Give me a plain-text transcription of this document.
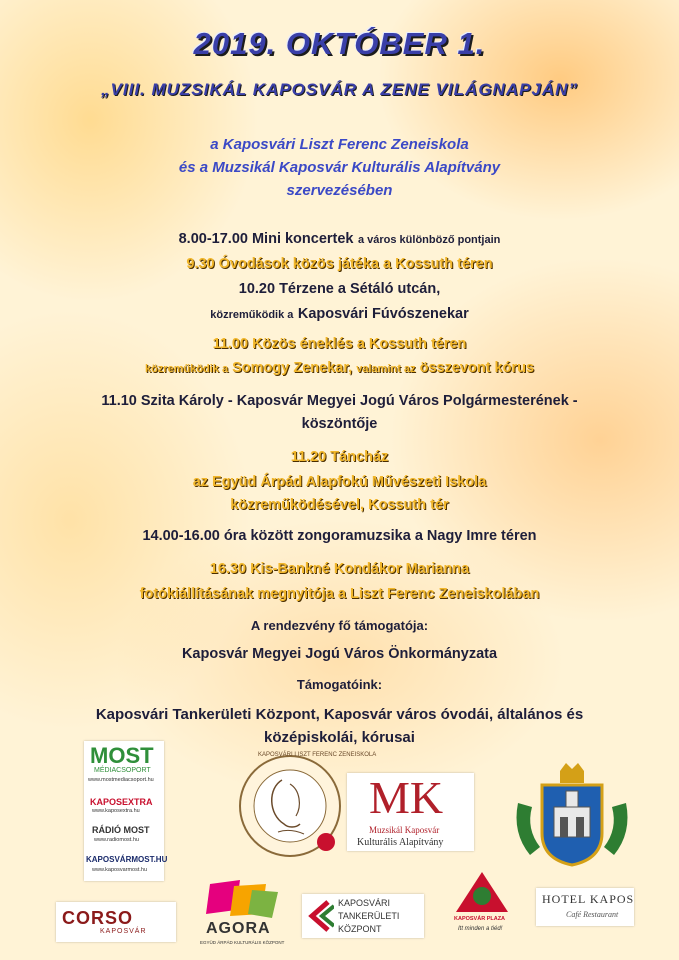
2019. OKTÓBER 1.
„VIII. MUZSIKÁL KAPOSVÁR A ZENE VILÁGNAPJÁN”
a Kaposvári Liszt Ferenc Zeneiskola
és a Muzsikál Kaposvár Kulturális Alapítvány
szervezésében
8.00-17.00 Mini koncertek a város különböző pontjain
9.30 Óvodások közös játéka a Kossuth téren
10.20 Térzene a Sétáló utcán,
közreműködik a Kaposvári Fúvószenekar
11.00 Közös éneklés a Kossuth téren
közreműködik a Somogy Zenekar, valamint az összevont kórus
11.10 Szita Károly - Kaposvár Megyei Jogú Város Polgármesterének -
köszöntője
11.20 Táncház
az Együd Árpád Alapfokú Művészeti Iskola
közreműködésével, Kossuth tér
14.00-16.00 óra között zongoramuzsika a Nagy Imre téren
16.30 Kis-Bankné Kondákor Marianna
fotókiállításának megnyitója a Liszt Ferenc Zeneiskolában
A rendezvény fő támogatója:
Kaposvár Megyei Jogú Város Önkormányzata
Támogatóink:
Kaposvári Tankerületi Központ, Kaposvár város óvodái, általános és
középiskolái, kórusai
MOST
MÉDIACSOPORT
www.mostmediacsoport.hu
KAPOSEXTRA
www.kaposextra.hu
RÁDIÓ MOST
www.radiomost.hu
KAPOSVÁRMOST.HU
www.kaposvarmost.hu
KAPOSVÁRI LISZT FERENC ZENEISKOLA
MK
Muzsikál Kaposvár
Kulturális Alapítvány
CORSO
KAPOSVÁR	AGORA
EGYÜD ÁRPÁD KULTURÁLIS KÖZPONT
KAPOSVÁRI
TANKERÜLETI
KÖZPONT
KAPOSVÁR PLAZA
Itt minden a tiéd!
HOTEL KAPOS
Café Restaurant
